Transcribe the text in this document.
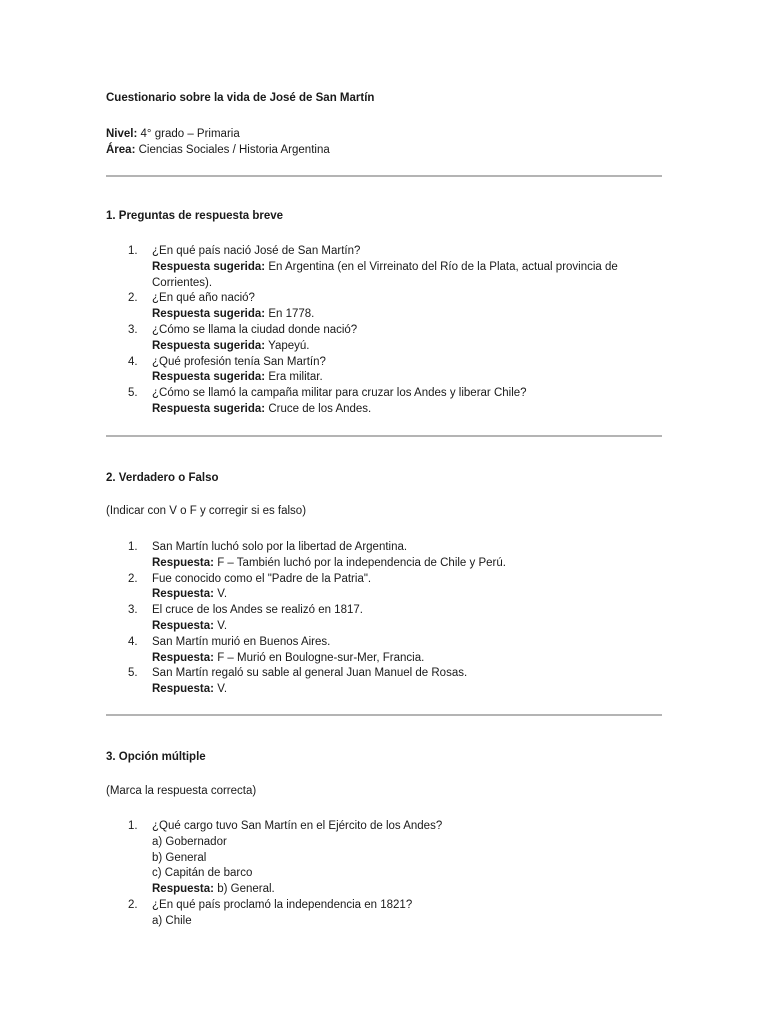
Cuestionario sobre la vida de José de San Martín
Nivel: 4° grado – Primaria
Área: Ciencias Sociales / Historia Argentina
1. Preguntas de respuesta breve
1. ¿En qué país nació José de San Martín?
Respuesta sugerida: En Argentina (en el Virreinato del Río de la Plata, actual provincia de Corrientes).
2. ¿En qué año nació?
Respuesta sugerida: En 1778.
3. ¿Cómo se llama la ciudad donde nació?
Respuesta sugerida: Yapeyú.
4. ¿Qué profesión tenía San Martín?
Respuesta sugerida: Era militar.
5. ¿Cómo se llamó la campaña militar para cruzar los Andes y liberar Chile?
Respuesta sugerida: Cruce de los Andes.
2. Verdadero o Falso
(Indicar con V o F y corregir si es falso)
1. San Martín luchó solo por la libertad de Argentina.
Respuesta: F – También luchó por la independencia de Chile y Perú.
2. Fue conocido como el "Padre de la Patria".
Respuesta: V.
3. El cruce de los Andes se realizó en 1817.
Respuesta: V.
4. San Martín murió en Buenos Aires.
Respuesta: F – Murió en Boulogne-sur-Mer, Francia.
5. San Martín regaló su sable al general Juan Manuel de Rosas.
Respuesta: V.
3. Opción múltiple
(Marca la respuesta correcta)
1. ¿Qué cargo tuvo San Martín en el Ejército de los Andes?
a) Gobernador
b) General
c) Capitán de barco
Respuesta: b) General.
2. ¿En qué país proclamó la independencia en 1821?
a) Chile
